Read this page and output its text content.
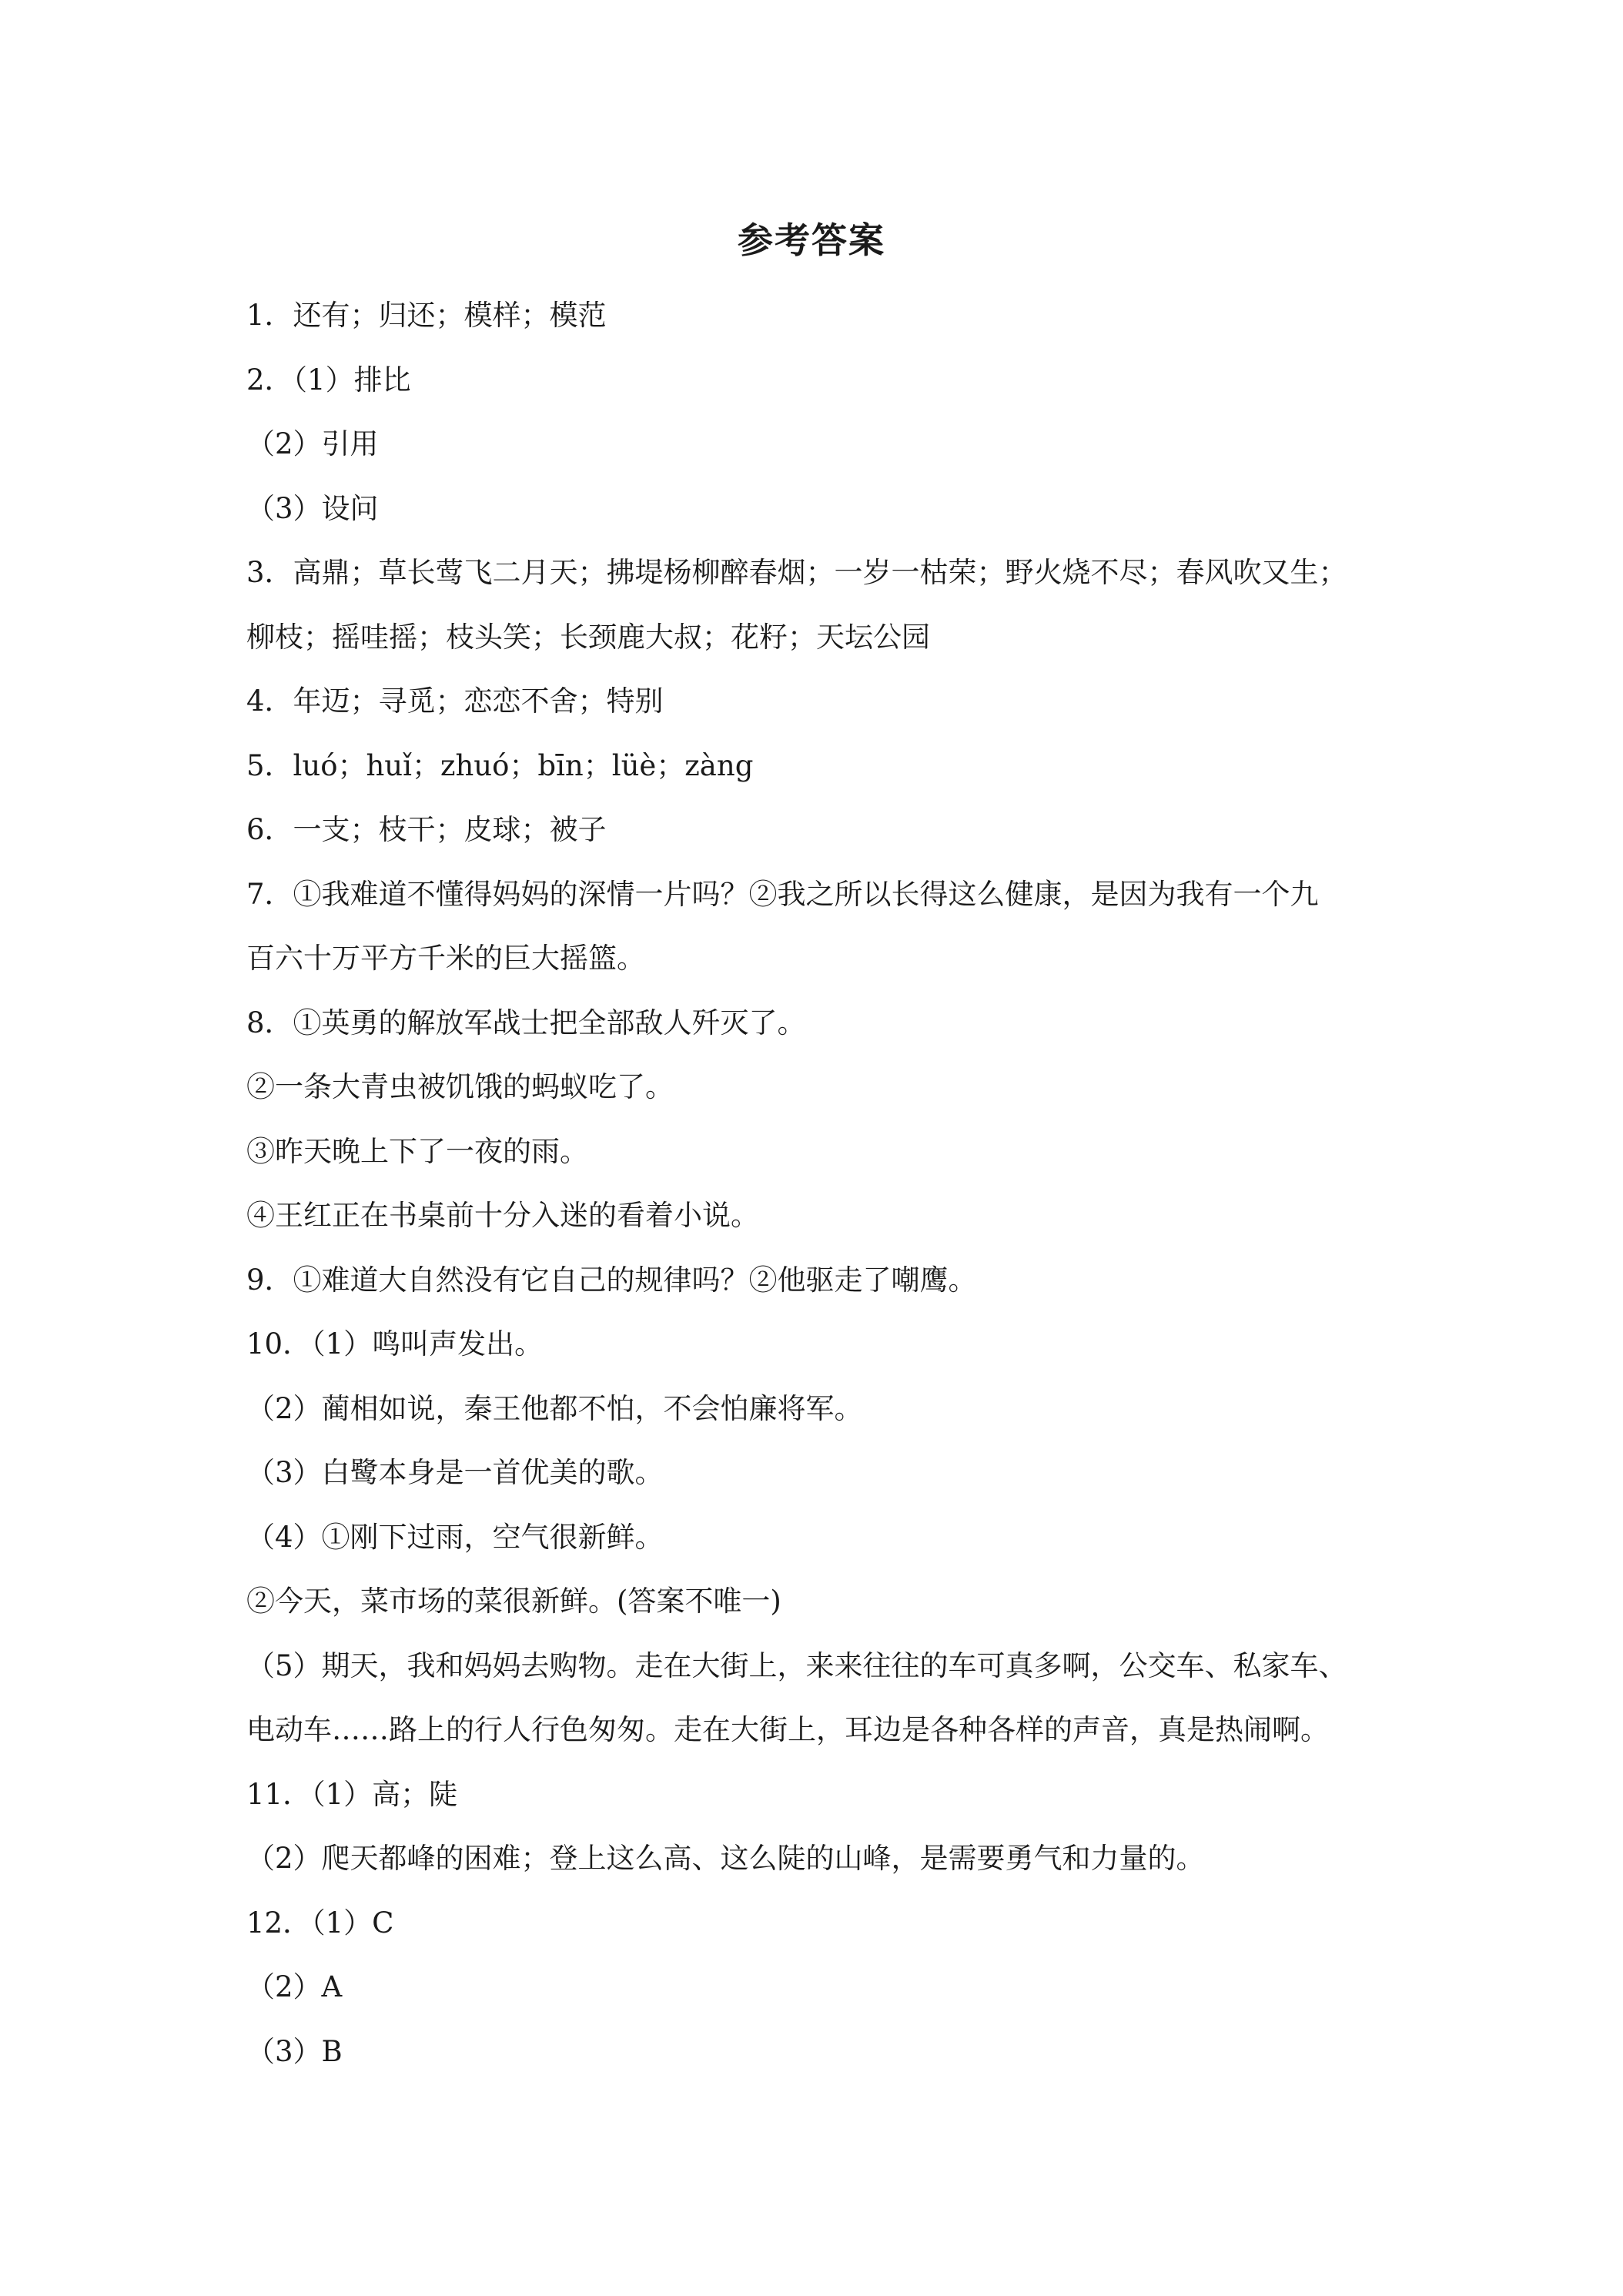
参考答案
1．还有；归还；模样；模范
2．（1）排比
（2）引用
（3）设问
3．高鼎；草长莺飞二月天；拂堤杨柳醉春烟；一岁一枯荣；野火烧不尽；春风吹又生；
柳枝；摇哇摇；枝头笑；长颈鹿大叔；花籽；天坛公园
4．年迈；寻觅；恋恋不舍；特别
5．luó；huǐ；zhuó；bīn；lüè；zàng
6．一支；枝干；皮球；被子
7．①我难道不懂得妈妈的深情一片吗？②我之所以长得这么健康，是因为我有一个九
百六十万平方千米的巨大摇篮。
8．①英勇的解放军战士把全部敌人歼灭了。
②一条大青虫被饥饿的蚂蚁吃了。
③昨天晚上下了一夜的雨。
④王红正在书桌前十分入迷的看着小说。
9．①难道大自然没有它自己的规律吗？②他驱走了嘲鹰。
10．（1）鸣叫声发出。
（2）蔺相如说，秦王他都不怕，不会怕廉将军。
（3）白鹭本身是一首优美的歌。
（4）①刚下过雨，空气很新鲜。
②今天，菜市场的菜很新鲜。(答案不唯一)
（5）期天，我和妈妈去购物。走在大街上，来来往往的车可真多啊，公交车、私家车、
电动车……路上的行人行色匆匆。走在大街上，耳边是各种各样的声音，真是热闹啊。
11．（1）高；陡
（2）爬天都峰的困难；登上这么高、这么陡的山峰，是需要勇气和力量的。
12．（1）C
（2）A
（3）B
